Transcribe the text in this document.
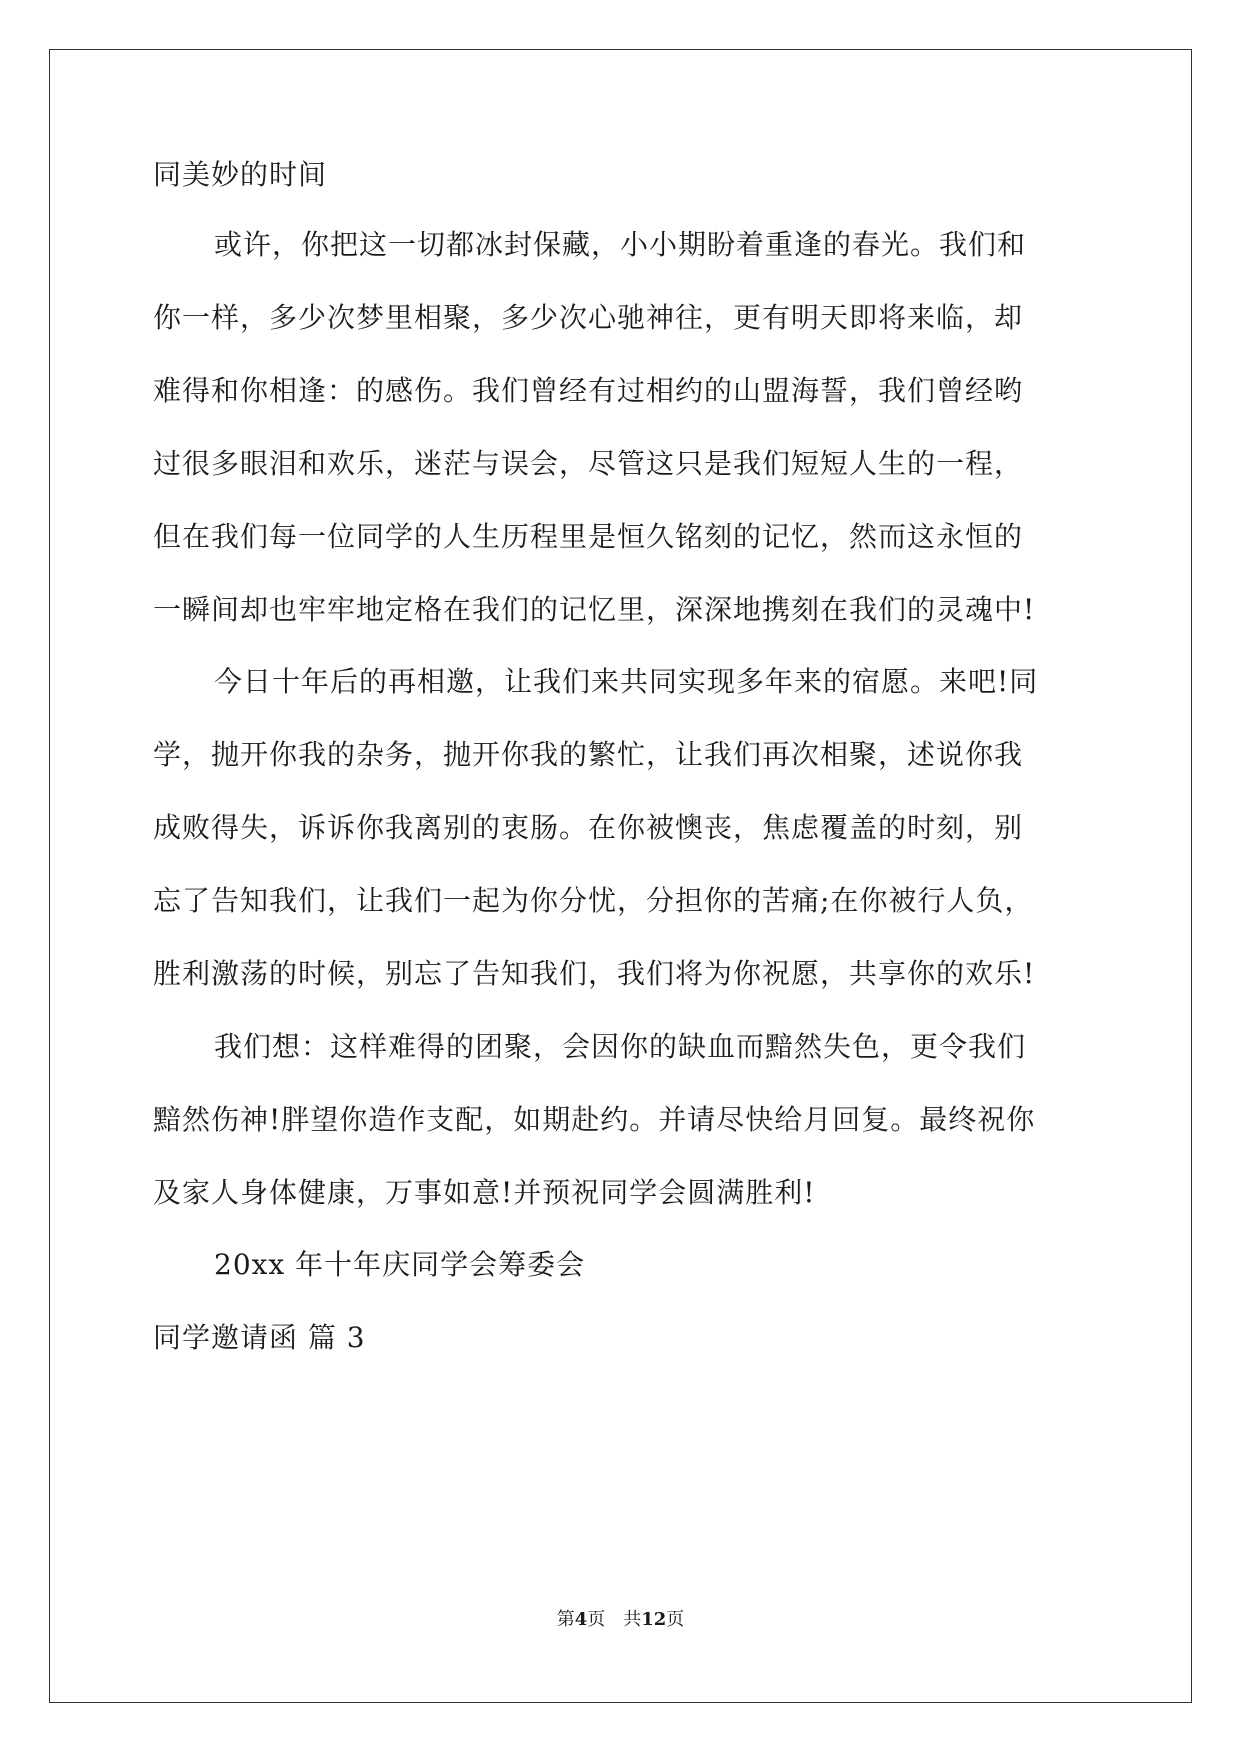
同美妙的时间
或许，你把这一切都冰封保藏，小小期盼着重逢的春光。我们和
你一样，多少次梦里相聚，多少次心驰神往，更有明天即将来临，却
难得和你相逢：的感伤。我们曾经有过相约的山盟海誓，我们曾经哟
过很多眼泪和欢乐，迷茫与误会，尽管这只是我们短短人生的一程，
但在我们每一位同学的人生历程里是恒久铭刻的记忆，然而这永恒的
一瞬间却也牢牢地定格在我们的记忆里，深深地携刻在我们的灵魂中!
今日十年后的再相邀，让我们来共同实现多年来的宿愿。来吧!同
学，抛开你我的杂务，抛开你我的繁忙，让我们再次相聚，述说你我
成败得失，诉诉你我离别的衷肠。在你被懊丧，焦虑覆盖的时刻，别
忘了告知我们，让我们一起为你分忧，分担你的苦痛;在你被行人负，
胜利激荡的时候，别忘了告知我们，我们将为你祝愿，共享你的欢乐!
我们想：这样难得的团聚，会因你的缺血而黯然失色，更令我们
黯然伤神!胖望你造作支配，如期赴约。并请尽快给月回复。最终祝你
及家人身体健康，万事如意!并预祝同学会圆满胜利!
20xx 年十年庆同学会筹委会
同学邀请函 篇 3
第4页　共12页
